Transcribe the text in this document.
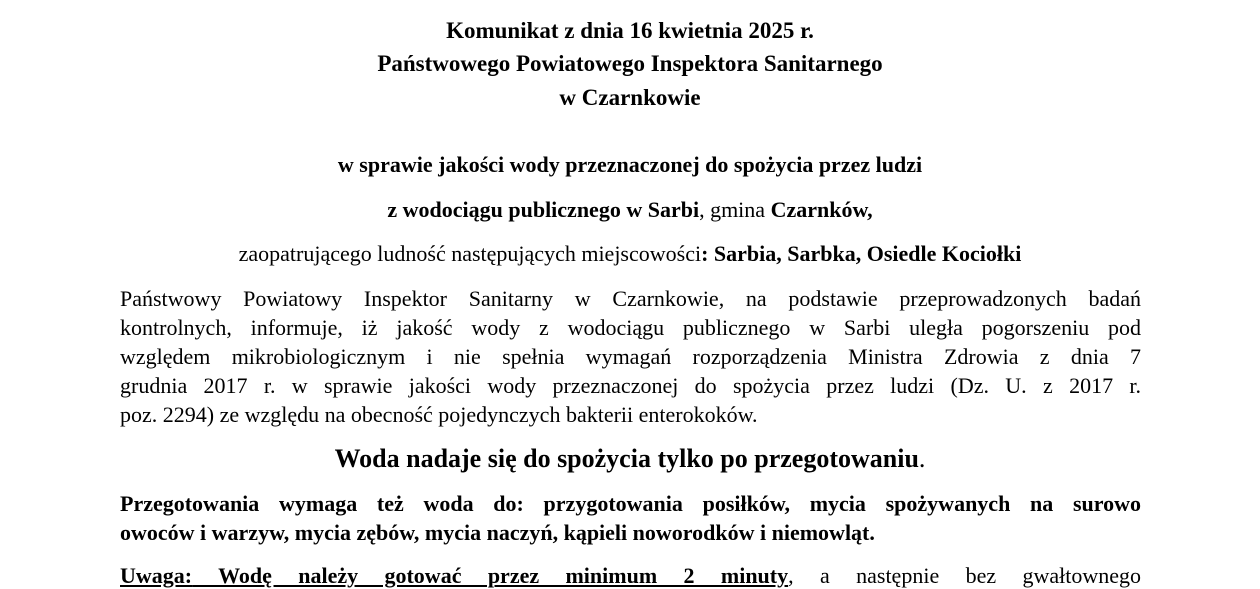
Komunikat z dnia 16 kwietnia 2025 r.

Państwowego Powiatowego Inspektora Sanitarnego

w Czarnkowie

w sprawie jakości wody przeznaczonej do spożycia przez ludzi

z wodociągu publicznego w Sarbi, gmina Czarnków,

zaopatrującego ludność następujących miejscowości: Sarbia, Sarbka, Osiedle Kociołki

Państwowy Powiatowy Inspektor Sanitarny w Czarnkowie, na podstawie przeprowadzonych badań

kontrolnych, informuje, iż jakość wody z wodociągu publicznego w Sarbi uległa pogorszeniu pod

względem mikrobiologicznym i nie spełnia wymagań rozporządzenia Ministra Zdrowia z dnia 7

grudnia 2017 r. w sprawie jakości wody przeznaczonej do spożycia przez ludzi (Dz. U. z 2017 r.

poz. 2294) ze względu na obecność pojedynczych bakterii enterokoków.

Woda nadaje się do spożycia tylko po przegotowaniu.

Przegotowania wymaga też woda do: przygotowania posiłków, mycia spożywanych na surowo

owoców i warzyw, mycia zębów, mycia naczyń, kąpieli noworodków i niemowląt.

Uwaga: Wodę należy gotować przez minimum 2 minuty, a następnie bez gwałtownego
